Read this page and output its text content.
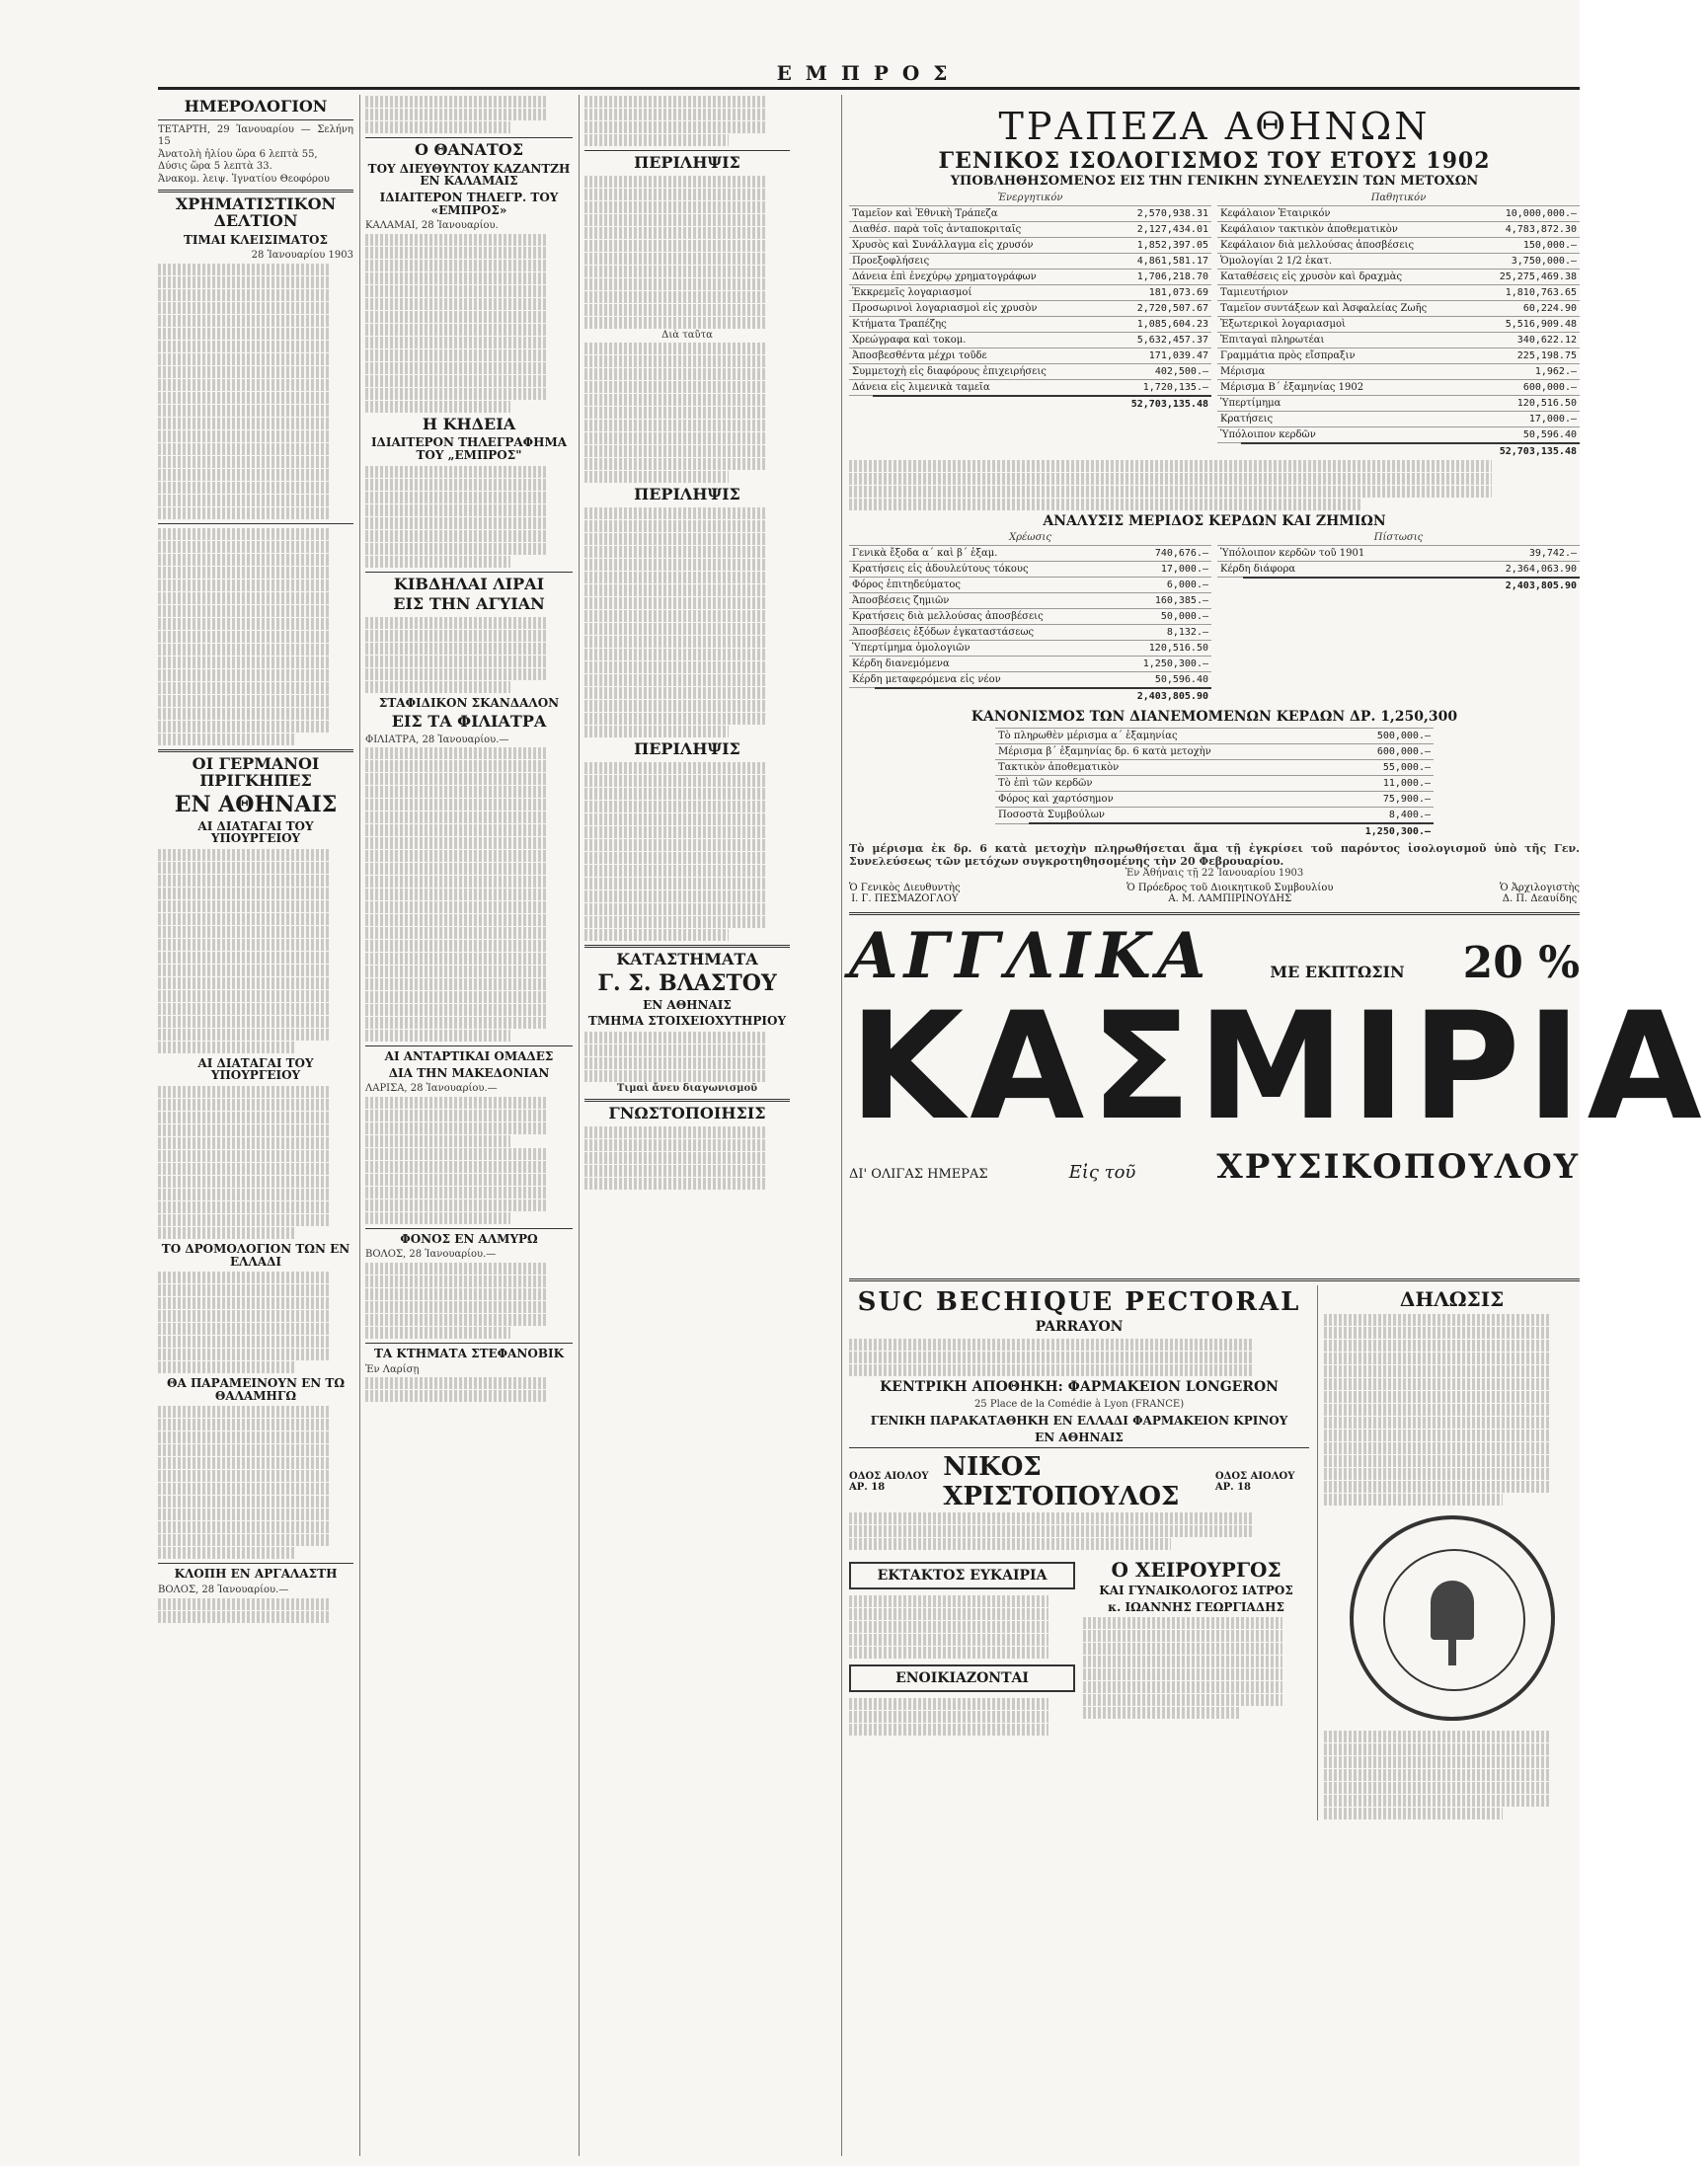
ΕΜΠΡΟΣ
ΗΜΕΡΟΛΟΓΙΟΝ
ΤΕΤΑΡΤΗ, 29 Ἰανουαρίου — Σελήνη 15
Ἀνατολὴ ἡλίου ὥρα 6 λεπτὰ 55,
Δύσις ὥρα 5 λεπτὰ 33.
Ἀνακομ. λειψ. Ἰγνατίου Θεοφόρου
ΧΡΗΜΑΤΙΣΤΙΚΟΝ ΔΕΛΤΙΟΝ
ΤΙΜΑΙ ΚΛΕΙΣΙΜΑΤΟΣ
28 Ἰανουαρίου 1903
ΟΙ ΓΕΡΜΑΝΟΙ ΠΡΙΓΚΗΠΕΣ
ΕΝ ΑΘΗΝΑΙΣ
ΑΙ ΔΙΑΤΑΓΑΙ ΤΟΥ ΥΠΟΥΡΓΕΙΟΥ
ΑΙ ΔΙΑΤΑΓΑΙ ΤΟΥ ΥΠΟΥΡΓΕΙΟΥ
ΤΟ ΔΡΟΜΟΛΟΓΙΟΝ ΤΩΝ ΕΝ ΕΛΛΑΔΙ
ΘΑ ΠΑΡΑΜΕΙΝΟΥΝ ΕΝ ΤΩ ΘΑΛΑΜΗΓΩ
ΚΛΟΠΗ ΕΝ ΑΡΓΑΛΑΣΤΗ
ΒΟΛΟΣ, 28 Ἰανουαρίου.—
Ο ΘΑΝΑΤΟΣ
ΤΟΥ ΔΙΕΥΘΥΝΤΟΥ ΚΑΖΑΝΤΖΗ ΕΝ ΚΑΛΑΜΑΙΣ
ΙΔΙΑΙΤΕΡΟΝ ΤΗΛΕΓΡ. ΤΟΥ «ΕΜΠΡΟΣ»
ΚΑΛΑΜΑΙ, 28 Ἰανουαρίου.
Η ΚΗΔΕΙΑ
ΙΔΙΑΙΤΕΡΟΝ ΤΗΛΕΓΡΑΦΗΜΑ ΤΟΥ „ΕΜΠΡΟΣ"
ΚΙΒΔΗΛΑΙ ΛΙΡΑΙ
ΕΙΣ ΤΗΝ ΑΓΥΙΑΝ
ΣΤΑΦΙΔΙΚΟΝ ΣΚΑΝΔΑΛΟΝ
ΕΙΣ ΤΑ ΦΙΛΙΑΤΡΑ
ΦΙΛΙΑΤΡΑ, 28 Ἰανουαρίου.—
ΑΙ ΑΝΤΑΡΤΙΚΑΙ ΟΜΑΔΕΣ
ΔΙΑ ΤΗΝ ΜΑΚΕΔΟΝΙΑΝ
ΛΑΡΙΣΑ, 28 Ἰανουαρίου.—
ΦΟΝΟΣ ΕΝ ΑΛΜΥΡΩ
ΒΟΛΟΣ, 28 Ἰανουαρίου.—
ΤΑ ΚΤΗΜΑΤΑ ΣΤΕΦΑΝΟΒΙΚ
Ἐν Λαρίσῃ
ΠΕΡΙΛΗΨΙΣ
Διὰ ταῦτα
ΠΕΡΙΛΗΨΙΣ
ΠΕΡΙΛΗΨΙΣ
ΚΑΤΑΣΤΗΜΑΤΑ
Γ. Σ. ΒΛΑΣΤΟΥ
ΕΝ ΑΘΗΝΑΙΣ
ΤΜΗΜΑ ΣΤΟΙΧΕΙΟΧΥΤΗΡΙΟΥ
Τιμαὶ ἄνευ διαγωνισμοῦ
ΓΝΩΣΤΟΠΟΙΗΣΙΣ
ΤΡΑΠΕΖΑ ΑΘΗΝΩΝ
ΓΕΝΙΚΟΣ ΙΣΟΛΟΓΙΣΜΟΣ ΤΟΥ ΕΤΟΥΣ 1902
ΥΠΟΒΛΗΘΗΣΟΜΕΝΟΣ ΕΙΣ ΤΗΝ ΓΕΝΙΚΗΝ ΣΥΝΕΛΕΥΣΙΝ ΤΩΝ ΜΕΤΟΧΩΝ
Ἐνεργητικόν
Ταμεῖον καὶ Ἐθνικὴ Τράπεζα	2,570,938.31
Διαθέσ. παρὰ τοῖς ἀνταποκριταῖς	2,127,434.01
Χρυσὸς καὶ Συνάλλαγμα εἰς χρυσόν	1,852,397.05
Προεξοφλήσεις	4,861,581.17
Δάνεια ἐπὶ ἐνεχύρῳ χρηματογράφων	1,706,218.70
Ἐκκρεμεῖς λογαριασμοί	181,073.69
Προσωρινοὶ λογαριασμοὶ εἰς χρυσὸν	2,720,507.67
Κτήματα Τραπέζης	1,085,604.23
Χρεώγραφα καὶ τοκομ.	5,632,457.37
Ἀποσβεσθέντα μέχρι τοῦδε	171,039.47
Συμμετοχὴ εἰς διαφόρους ἐπιχειρήσεις	402,500.—
Δάνεια εἰς λιμενικὰ ταμεῖα	1,720,135.—
	52,703,135.48
Παθητικόν
Κεφάλαιον Ἑταιρικόν	10,000,000.—
Κεφάλαιον τακτικὸν ἀποθεματικὸν	4,783,872.30
Κεφάλαιον διὰ μελλούσας ἀποσβέσεις	150,000.—
Ὁμολογίαι 2 1/2 ἑκατ.	3,750,000.—
Καταθέσεις εἰς χρυσὸν καὶ δραχμὰς	25,275,469.38
Ταμιευτήριον	1,810,763.65
Ταμεῖον συντάξεων καὶ Ἀσφαλείας Ζωῆς	60,224.90
Ἐξωτερικοὶ λογαριασμοὶ	5,516,909.48
Ἐπιταγαὶ πληρωτέαι	340,622.12
Γραμμάτια πρὸς εἴσπραξιν	225,198.75
Μέρισμα	1,962.—
Μέρισμα Β΄ ἑξαμηνίας 1902	600,000.—
Ὑπερτίμημα	120,516.50
Κρατήσεις	17,000.—
Ὑπόλοιπον κερδῶν	50,596.40
	52,703,135.48
ΑΝΑΛΥΣΙΣ ΜΕΡΙΔΟΣ ΚΕΡΔΩΝ ΚΑΙ ΖΗΜΙΩΝ
Χρέωσις
Γενικὰ ἔξοδα α΄ καὶ β΄ ἑξαμ.	740,676.—
Κρατήσεις εἰς ἀδουλεύτους τόκους	17,000.—
Φόρος ἐπιτηδεύματος	6,000.—
Ἀποσβέσεις ζημιῶν	160,385.—
Κρατήσεις διὰ μελλούσας ἀποσβέσεις	50,000.—
Ἀποσβέσεις ἐξόδων ἐγκαταστάσεως	8,132.—
Ὑπερτίμημα ὁμολογιῶν	120,516.50
Κέρδη διανεμόμενα	1,250,300.—
Κέρδη μεταφερόμενα εἰς νέον	50,596.40
	2,403,805.90
Πίστωσις
Ὑπόλοιπον κερδῶν τοῦ 1901	39,742.—
Κέρδη διάφορα	2,364,063.90
	2,403,805.90
ΚΑΝΟΝΙΣΜΟΣ ΤΩΝ ΔΙΑΝΕΜΟΜΕΝΩΝ ΚΕΡΔΩΝ ΔΡ. 1,250,300
Τὸ πληρωθὲν μέρισμα α΄ ἑξαμηνίας	500,000.—
Μέρισμα β΄ ἑξαμηνίας δρ. 6 κατὰ μετοχὴν	600,000.—
Τακτικὸν ἀποθεματικὸν	55,000.—
Τὸ ἐπὶ τῶν κερδῶν	11,000.—
Φόρος καὶ χαρτόσημον	75,900.—
Ποσοστὰ Συμβούλων	8,400.—
	1,250,300.—
Τὸ μέρισμα ἐκ δρ. 6 κατὰ μετοχὴν πληρωθήσεται ἅμα τῇ ἐγκρίσει τοῦ παρόντος ἰσολογισμοῦ ὑπὸ τῆς Γεν. Συνελεύσεως τῶν μετόχων συγκροτηθησομένης τὴν 20 Φεβρουαρίου.
Ἐν Ἀθήναις τῇ 22 Ἰανουαρίου 1903
Ὁ Γενικὸς Διευθυντὴς
Ι. Γ. ΠΕΣΜΑΖΟΓΛΟΥ
Ὁ Πρόεδρος τοῦ Διοικητικοῦ Συμβουλίου
Α. Μ. ΛΑΜΠΙΡΙΝΟΥΔΗΣ
Ὁ Ἀρχιλογιστὴς
Δ. Π. Δεαυίδης
ΑΓΓΛΙΚΑ	ΜΕ ΕΚΠΤΩΣΙΝ 20 %
ΚΑΣΜΙΡΙΑ
ΔΙ' ΟΛΙΓΑΣ ΗΜΕΡΑΣ	Εἰς τοῦ ΧΡΥΣΙΚΟΠΟΥΛΟΥ
SUC BECHIQUE PECTORAL
PARRAYON
ΚΕΝΤΡΙΚΗ ΑΠΟΘΗΚΗ: ΦΑΡΜΑΚΕΙΟΝ LONGERON
25 Place de la Comédie à Lyon (FRANCE)
ΓΕΝΙΚΗ ΠΑΡΑΚΑΤΑΘΗΚΗ ΕΝ ΕΛΛΑΔΙ ΦΑΡΜΑΚΕΙΟΝ ΚΡΙΝΟΥ
ΕΝ ΑΘΗΝΑΙΣ
ΟΔΟΣ ΑΙΟΛΟΥ ΑΡ. 18
ΝΙΚΟΣ ΧΡΙΣΤΟΠΟΥΛΟΣ
ΟΔΟΣ ΑΙΟΛΟΥ ΑΡ. 18
ΕΚΤΑΚΤΟΣ ΕΥΚΑΙΡΙΑ
ΕΝΟΙΚΙΑΖΟΝΤΑΙ
Ο ΧΕΙΡΟΥΡΓΟΣ
ΚΑΙ ΓΥΝΑΙΚΟΛΟΓΟΣ ΙΑΤΡΟΣ
κ. ΙΩΑΝΝΗΣ ΓΕΩΡΓΙΑΔΗΣ
ΔΗΛΩΣΙΣ
